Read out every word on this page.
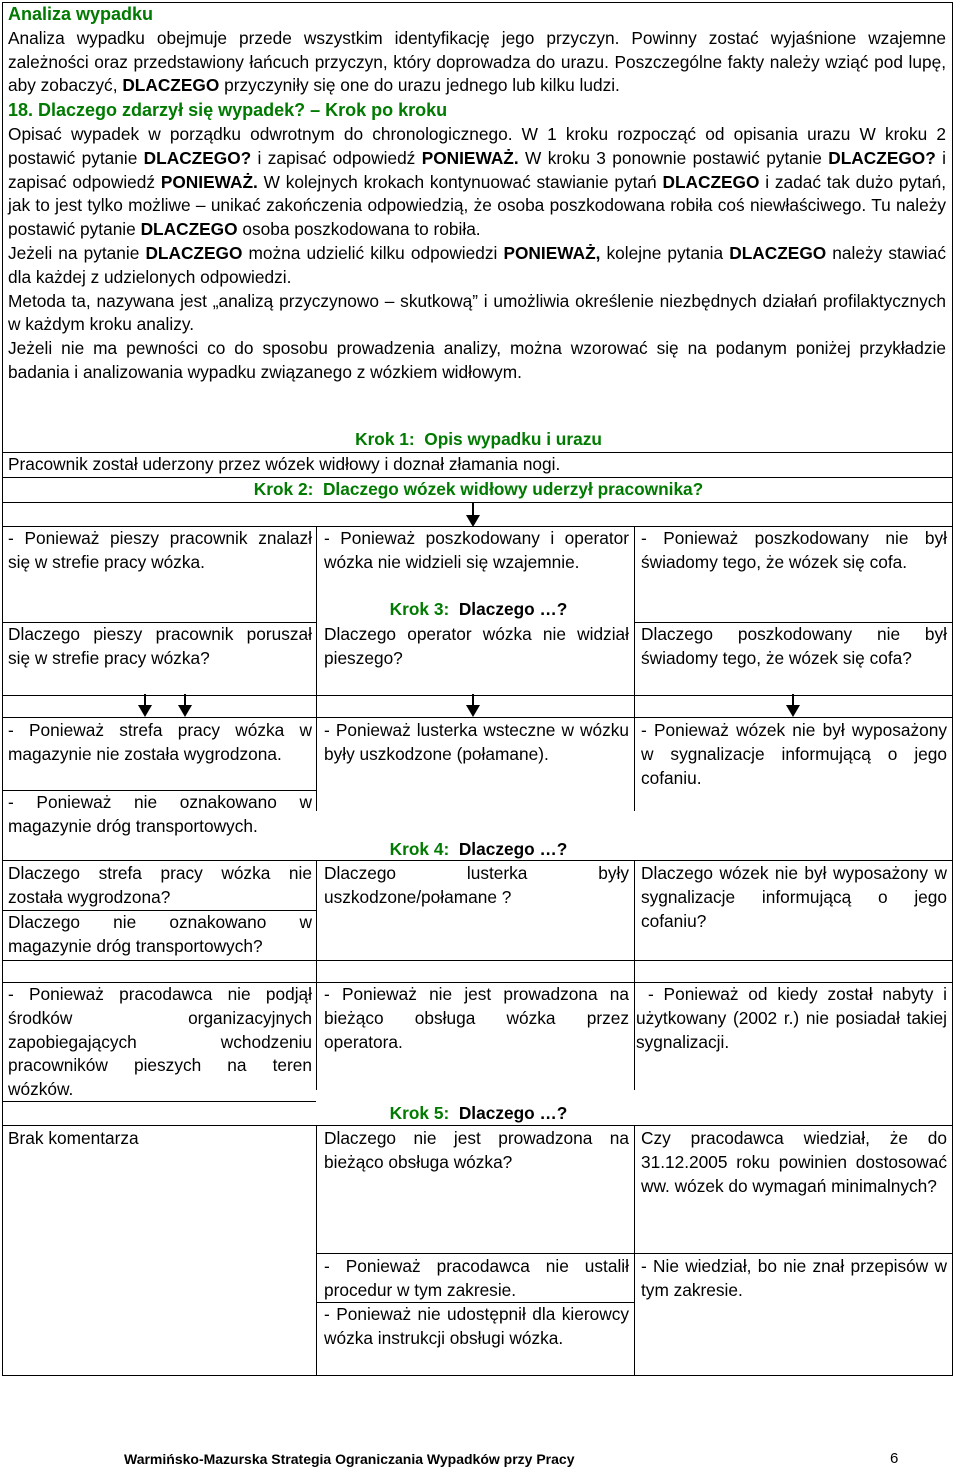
Analiza wypadku

Analiza wypadku obejmuje przede wszystkim identyfikację jego przyczyn. Powinny zostać wyjaśnione wzajemne zależności oraz przedstawiony łańcuch przyczyn, który doprowadza do urazu. Poszczególne fakty należy wziąć pod lupę, aby zobaczyć, DLACZEGO przyczyniły się one do urazu jednego lub kilku ludzi.

18. Dlaczego zdarzył się wypadek? – Krok po kroku

Opisać wypadek w porządku odwrotnym do chronologicznego. W 1 kroku rozpocząć od opisania urazu W kroku 2 postawić pytanie DLACZEGO? i zapisać odpowiedź PONIEWAŻ. W kroku 3 ponownie postawić pytanie DLACZEGO? i zapisać odpowiedź PONIEWAŻ. W kolejnych krokach kontynuować stawianie pytań DLACZEGO i zadać tak dużo pytań, jak to jest tylko możliwe – unikać zakończenia odpowiedzią, że osoba poszkodowana robiła coś niewłaściwego. Tu należy postawić pytanie DLACZEGO osoba poszkodowana to robiła.

Jeżeli na pytanie DLACZEGO można udzielić kilku odpowiedzi PONIEWAŻ, kolejne pytania DLACZEGO należy stawiać dla każdej z udzielonych odpowiedzi.

Metoda ta, nazywana jest „analizą przyczynowo – skutkową” i umożliwia określenie niezbędnych działań profilaktycznych w każdym kroku analizy.

Jeżeli nie ma pewności co do sposobu prowadzenia analizy, można wzorować się na podanym poniżej przykładzie badania i analizowania wypadku związanego z wózkiem widłowym.

Krok 1: Opis wypadku i urazu
Pracownik został uderzony przez wózek widłowy i doznał złamania nogi.
Krok 2: Dlaczego wózek widłowy uderzył pracownika?
- Ponieważ pieszy pracownik znalazł się w strefie pracy wózka.
- Ponieważ poszkodowany i operator wózka nie widzieli się wzajemnie.
- Ponieważ poszkodowany nie był świadomy tego, że wózek się cofa.
Krok 3: Dlaczego …?
Dlaczego pieszy pracownik poruszał się w strefie pracy wózka?
Dlaczego operator wózka nie widział pieszego?
Dlaczego poszkodowany nie był świadomy tego, że wózek się cofa?
- Ponieważ strefa pracy wózka w magazynie nie została wygrodzona.
- Ponieważ nie oznakowano w magazynie dróg transportowych.
- Ponieważ lusterka wsteczne w wózku były uszkodzone (połamane).
- Ponieważ wózek nie był wyposażony w sygnalizacje informującą o jego cofaniu.
Krok 4: Dlaczego …?
Dlaczego strefa pracy wózka nie została wygrodzona?
Dlaczego nie oznakowano w magazynie dróg transportowych?
Dlaczego lusterka były uszkodzone/połamane ?
Dlaczego wózek nie był wyposażony w sygnalizacje informującą o jego cofaniu?
- Ponieważ pracodawca nie podjął środków organizacyjnych zapobiegających wchodzeniu pracowników pieszych na teren wózków.
- Ponieważ nie jest prowadzona na bieżąco obsługa wózka przez operatora.
- Ponieważ od kiedy został nabyty i użytkowany (2002 r.) nie posiadał takiej sygnalizacji.
Krok 5: Dlaczego …?
Brak komentarza	Dlaczego nie jest prowadzona na bieżąco obsługa wózka?
Czy pracodawca wiedział, że do 31.12.2005 roku powinien dostosować ww. wózek do wymagań minimalnych?
- Ponieważ pracodawca nie ustalił procedur w tym zakresie.
- Ponieważ nie udostępnił dla kierowcy wózka instrukcji obsługi wózka.
- Nie wiedział, bo nie znał przepisów w tym zakresie.
Warmińsko-Mazurska Strategia Ograniczania Wypadków przy Pracy	6
